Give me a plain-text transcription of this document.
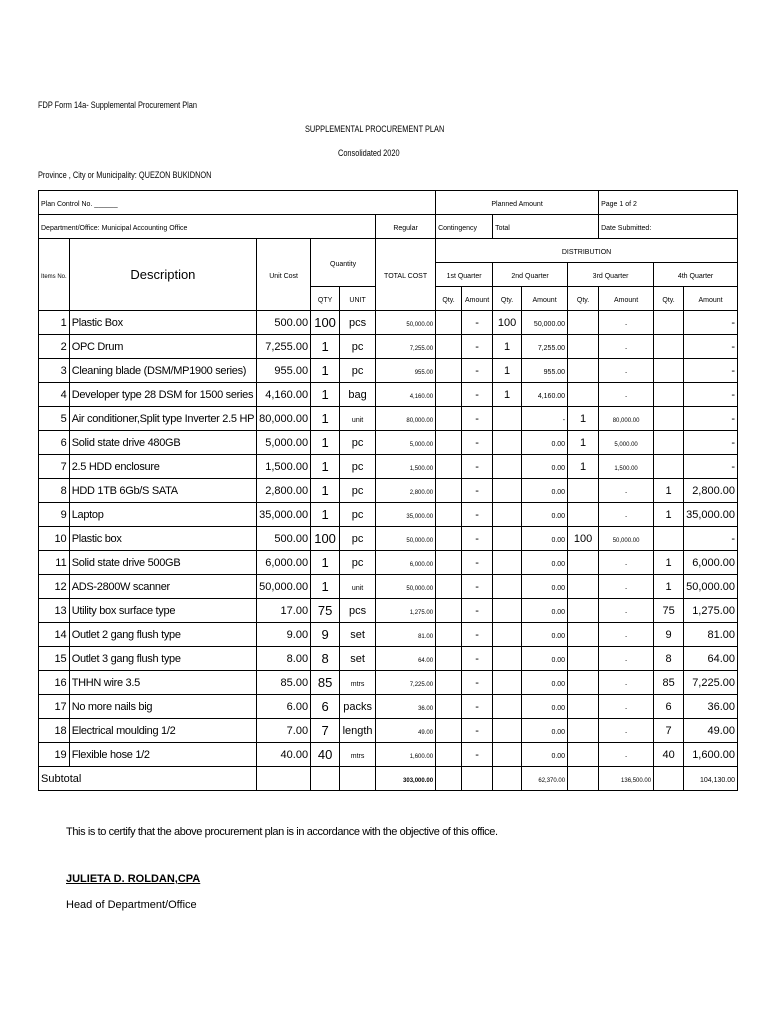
FDP Form 14a- Supplemental Procurement Plan
SUPPLEMENTAL PROCUREMENT PLAN
Consolidated 2020
Province , City or Municipality: QUEZON BUKIDNON
Plan Control No. ______						Planned Amount					Page 1 of 2		
Department/Office: Municipal Accounting Office					Regular	Contingency		Total			Date Submitted:		
Items No.	Description	Unit Cost	Quantity		TOTAL COST	DISTRIBUTION							
						1st Quarter		2nd Quarter		3rd Quarter		4th Quarter	
			QTY	UNIT		Qty.	Amount	Qty.	Amount	Qty.	Amount	Qty.	Amount
1	Plastic Box	500.00	100	pcs	50,000.00		-	100	50,000.00		-		-
2	OPC Drum	7,255.00	1	pc	7,255.00		-	1	7,255.00		-		-
3	Cleaning blade (DSM/MP1900 series)	955.00	1	pc	955.00		-	1	955.00		-		-
4	Developer type 28 DSM for 1500 series	4,160.00	1	bag	4,160.00		-	1	4,160.00		-		-
5	Air conditioner,Split type Inverter 2.5 HP	80,000.00	1	unit	80,000.00		-		-	1	80,000.00		-
6	Solid state drive 480GB	5,000.00	1	pc	5,000.00		-		0.00	1	5,000.00		-
7	2.5 HDD enclosure	1,500.00	1	pc	1,500.00		-		0.00	1	1,500.00		-
8	HDD 1TB 6Gb/S SATA	2,800.00	1	pc	2,800.00		-		0.00		-	1	2,800.00
9	Laptop	35,000.00	1	pc	35,000.00		-		0.00		-	1	35,000.00
10	Plastic box	500.00	100	pc	50,000.00		-		0.00	100	50,000.00		-
11	Solid state drive 500GB	6,000.00	1	pc	6,000.00		-		0.00		-	1	6,000.00
12	ADS-2800W scanner	50,000.00	1	unit	50,000.00		-		0.00		-	1	50,000.00
13	Utility box surface type	17.00	75	pcs	1,275.00		-		0.00		-	75	1,275.00
14	Outlet 2 gang flush type	9.00	9	set	81.00		-		0.00		-	9	81.00
15	Outlet 3 gang flush type	8.00	8	set	64.00		-		0.00		-	8	64.00
16	THHN wire 3.5	85.00	85	mtrs	7,225.00		-		0.00		-	85	7,225.00
17	No more nails big	6.00	6	packs	36.00		-		0.00		-	6	36.00
18	Electrical moulding 1/2	7.00	7	length	49.00		-		0.00		-	7	49.00
19	Flexible hose 1/2	40.00	40	mtrs	1,600.00		-		0.00		-	40	1,600.00
Subtotal					303,000.00				62,370.00		136,500.00		104,130.00
This is to certify that the above procurement plan is in accordance with the objective of this office.
JULIETA D. ROLDAN,CPA
Head of Department/Office
